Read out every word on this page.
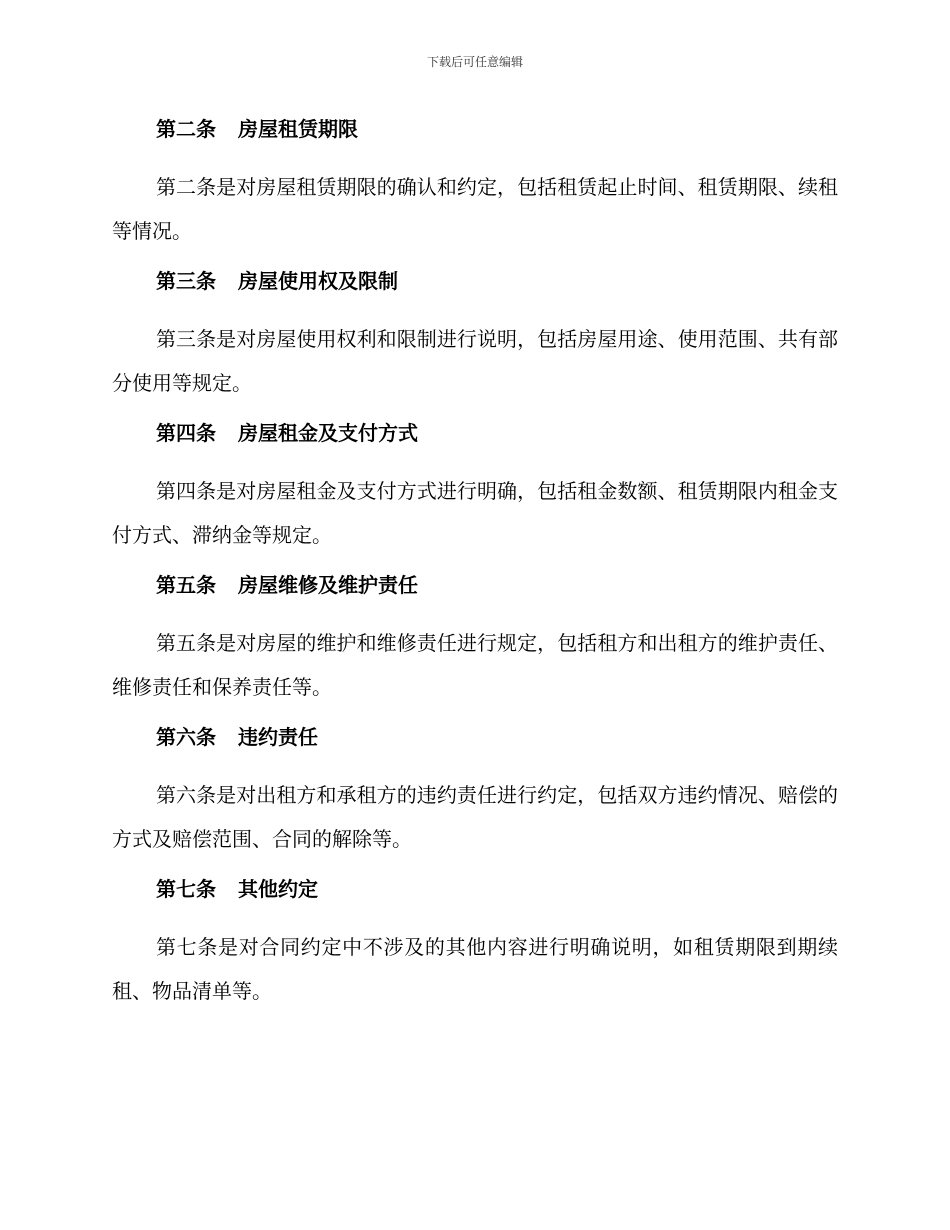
下载后可任意编辑
第二条 房屋租赁期限

第二条是对房屋租赁期限的确认和约定，包括租赁起止时间、租赁期限、续租等情况。

第三条 房屋使用权及限制

第三条是对房屋使用权利和限制进行说明，包括房屋用途、使用范围、共有部分使用等规定。

第四条 房屋租金及支付方式

第四条是对房屋租金及支付方式进行明确，包括租金数额、租赁期限内租金支付方式、滞纳金等规定。

第五条 房屋维修及维护责任

第五条是对房屋的维护和维修责任进行规定，包括租方和出租方的维护责任、维修责任和保养责任等。

第六条 违约责任

第六条是对出租方和承租方的违约责任进行约定，包括双方违约情况、赔偿的方式及赔偿范围、合同的解除等。

第七条 其他约定

第七条是对合同约定中不涉及的其他内容进行明确说明，如租赁期限到期续租、物品清单等。
